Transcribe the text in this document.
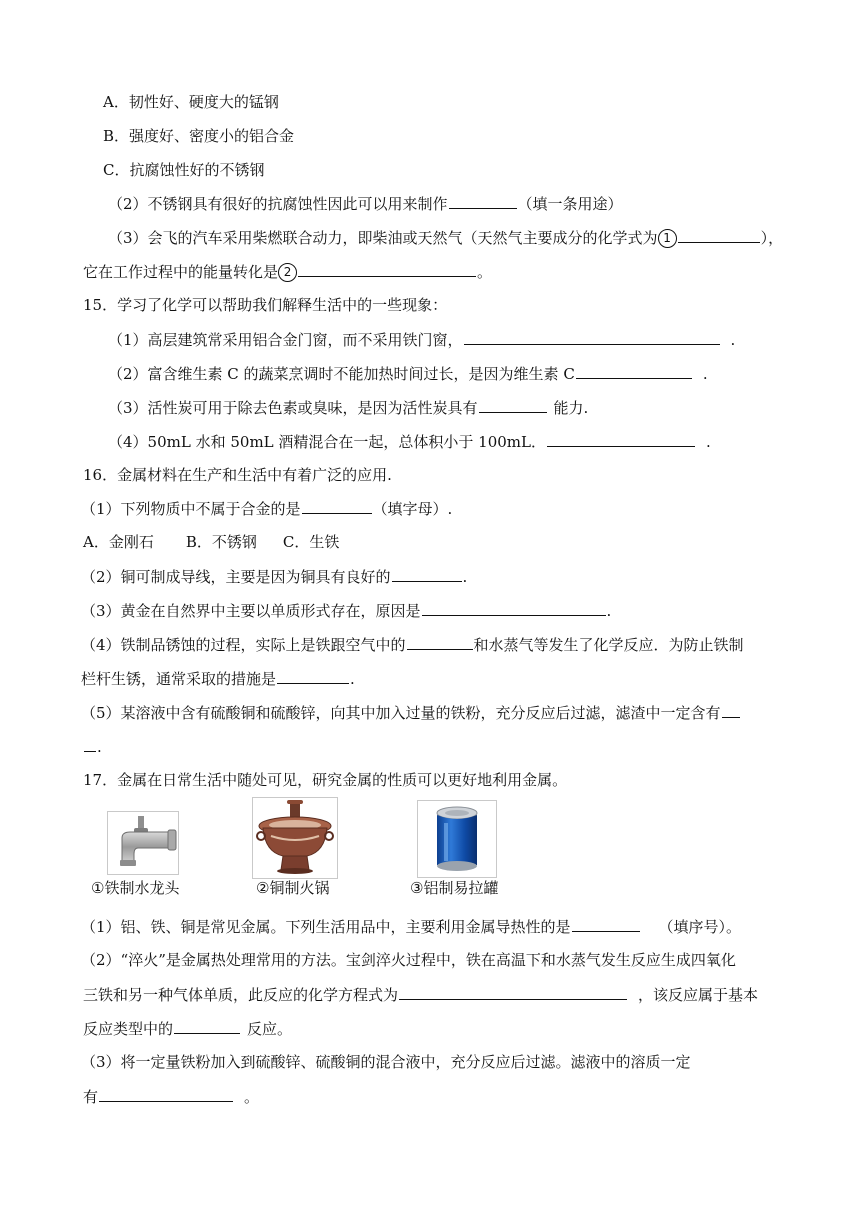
A．韧性好、硬度大的锰钢
B．强度好、密度小的铝合金
C．抗腐蚀性好的不锈钢
（2）不锈钢具有很好的抗腐蚀性因此可以用来制作	（填一条用途）
（3）会飞的汽车采用柴燃联合动力，即柴油或天然气（天然气主要成分的化学式为 1	），
它在工作过程中的能量转化是 2	。
15．学习了化学可以帮助我们解释生活中的一些现象：
（1）高层建筑常采用铝合金门窗，而不采用铁门窗，	.
（2）富含维生素 C 的蔬菜烹调时不能加热时间过长，是因为维生素 C	.
（3）活性炭可用于除去色素或臭味，是因为活性炭具有	能力.
（4）50mL 水和 50mL 酒精混合在一起，总体积小于 100mL．	.
16．金属材料在生产和生活中有着广泛的应用.
（1）下列物质中不属于合金的是	（填字母）.
A．金刚石 B．不锈钢 C．生铁
（2）铜可制成导线，主要是因为铜具有良好的	.
（3）黄金在自然界中主要以单质形式存在，原因是	.
（4）铁制品锈蚀的过程，实际上是铁跟空气中的	和水蒸气等发生了化学反应．为防止铁制
栏杆生锈，通常采取的措施是	.
（5）某溶液中含有硫酸铜和硫酸锌，向其中加入过量的铁粉，充分反应后过滤，滤渣中一定含有
.
17．金属在日常生活中随处可见，研究金属的性质可以更好地利用金属。
①铁制水龙头	②铜制火锅	③铝制易拉罐
（1）铝、铁、铜是常见金属。下列生活用品中，主要利用金属导热性的是	（填序号）。
（2）“淬火”是金属热处理常用的方法。宝剑淬火过程中，铁在高温下和水蒸气发生反应生成四氧化
三铁和另一种气体单质，此反应的化学方程式为	，该反应属于基本
反应类型中的	反应。
（3）将一定量铁粉加入到硫酸锌、硫酸铜的混合液中，充分反应后过滤。滤液中的溶质一定
有	。
